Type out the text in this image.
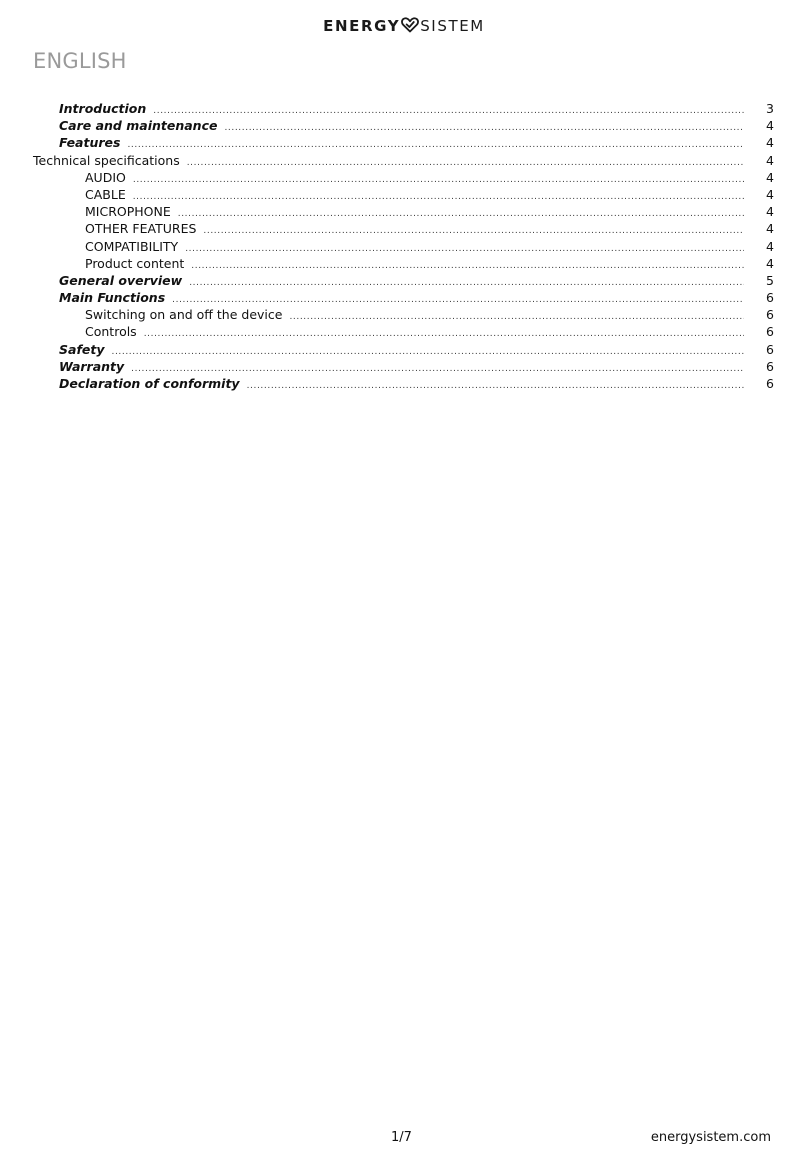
ENERGY SISTEM
ENGLISH
Introduction .....	3
Care and maintenance .....	4
Features .....	4
Technical specifications .....	4
AUDIO .....	4
CABLE .....	4
MICROPHONE .....	4
OTHER FEATURES .....	4
COMPATIBILITY .....	4
Product content .....	4
General overview .....	5
Main Functions .....	6
Switching on and off the device .....	6
Controls .....	6
Safety .....	6
Warranty .....	6
Declaration of conformity .....	6
1/7	energysistem.com
